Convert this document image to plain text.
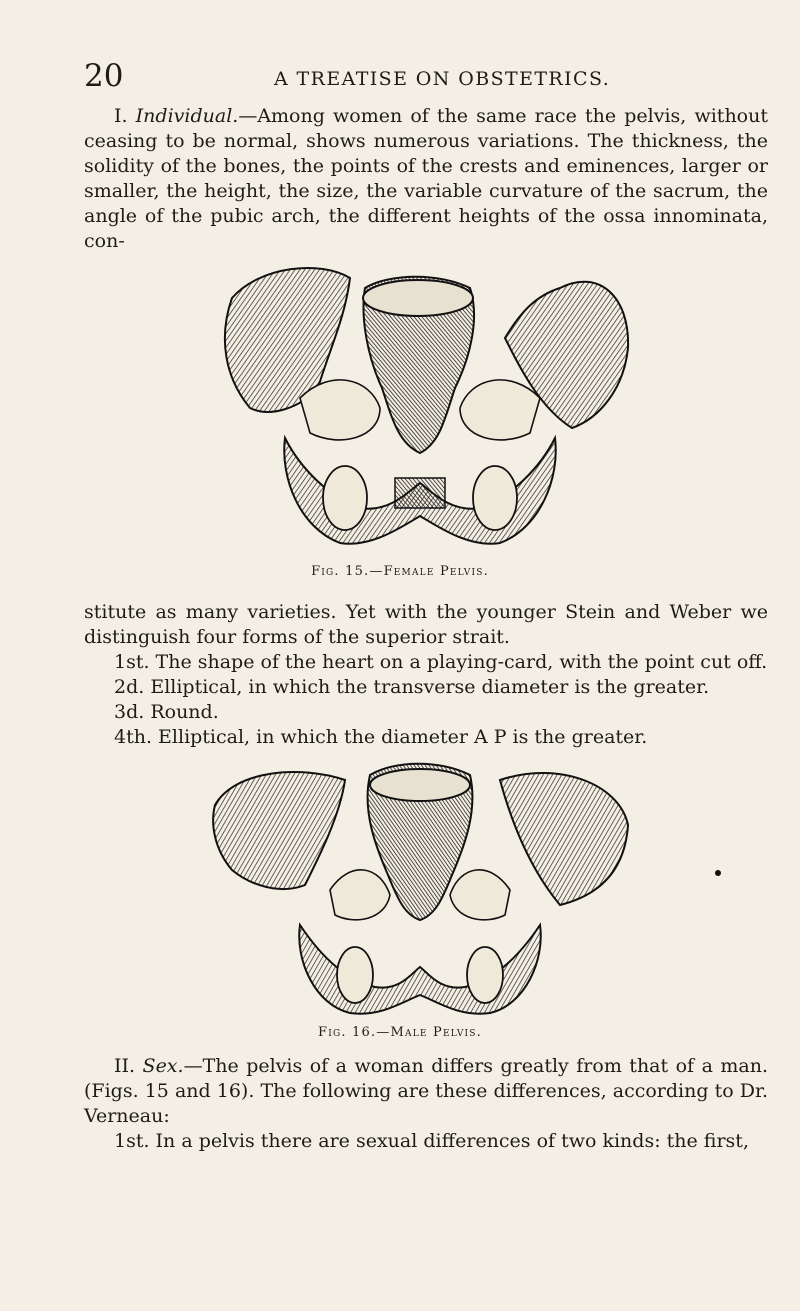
20	A TREATISE ON OBSTETRICS.

I. Individual.—Among women of the same race the pelvis, without ceasing to be normal, shows numerous variations. The thickness, the solidity of the bones, the points of the crests and eminences, larger or smaller, the height, the size, the variable curvature of the sacrum, the angle of the pubic arch, the different heights of the ossa innominata, con-

Fig. 15.—Female Pelvis.

stitute as many varieties. Yet with the younger Stein and Weber we distinguish four forms of the superior strait.

1st. The shape of the heart on a playing-card, with the point cut off.
2d. Elliptical, in which the transverse diameter is the greater.
3d. Round.
4th. Elliptical, in which the diameter A P is the greater.
Fig. 16.—Male Pelvis.

II. Sex.—The pelvis of a woman differs greatly from that of a man. (Figs. 15 and 16). The following are these differences, according to Dr. Verneau:

1st. In a pelvis there are sexual differences of two kinds: the first,
